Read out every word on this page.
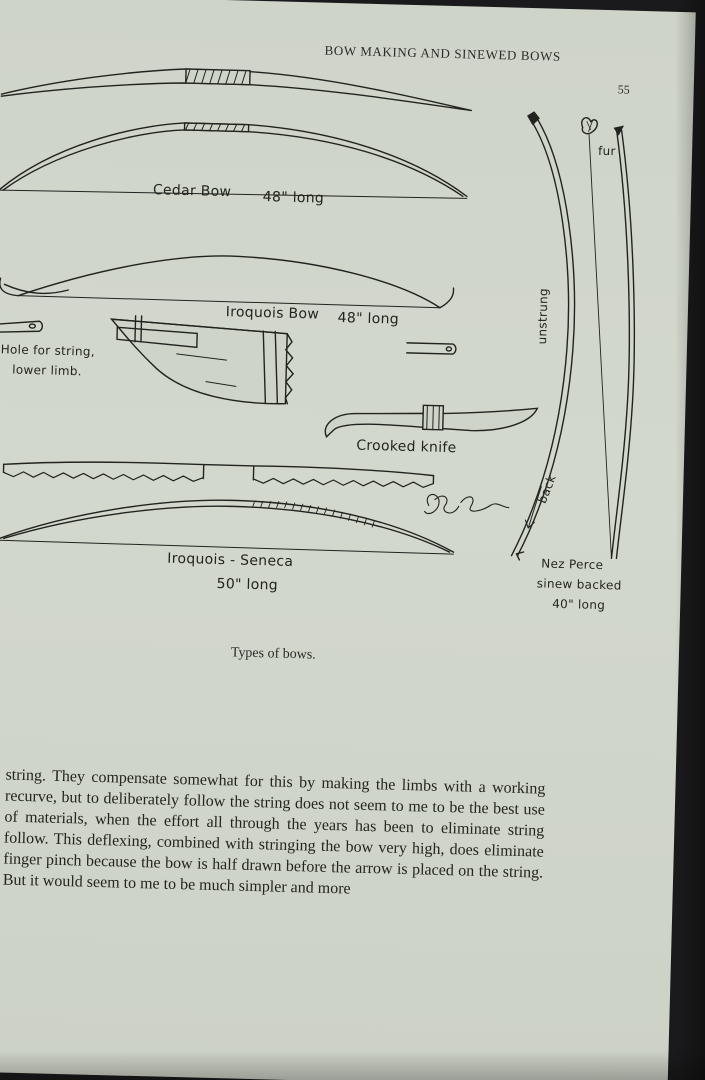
BOW MAKING AND SINEWED BOWS
55
Cedar Bow 48" long
Iroquois Bow 48" long
Hole for string,
lower limb.
Crooked knife
Iroquois - Seneca
50" long
unstrung
back
fur
Nez Perce
sinew backed
40" long
Types of bows.

string. They compensate somewhat for this by making the limbs with a working recurve, but to deliberately follow the string does not seem to me to be the best use of materials, when the effort all through the years has been to eliminate string follow. This deflexing, combined with stringing the bow very high, does eliminate finger pinch because the bow is half drawn before the arrow is placed on the string. But it would seem to me to be much simpler and more
